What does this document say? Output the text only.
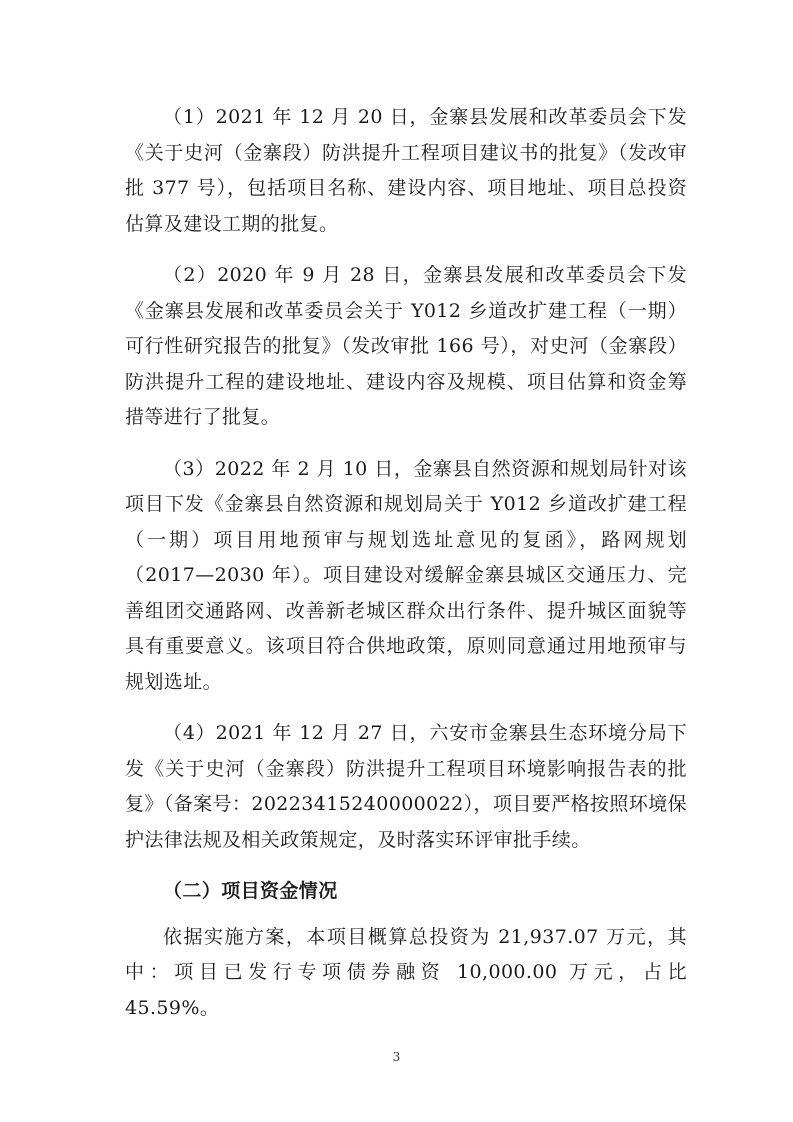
（1）2021 年 12 月 20 日，金寨县发展和改革委员会下发《关于史河（金寨段）防洪提升工程项目建议书的批复》（发改审批 377 号），包括项目名称、建设内容、项目地址、项目总投资估算及建设工期的批复。

（2）2020 年 9 月 28 日，金寨县发展和改革委员会下发《金寨县发展和改革委员会关于 Y012 乡道改扩建工程（一期）可行性研究报告的批复》（发改审批 166 号），对史河（金寨段）防洪提升工程的建设地址、建设内容及规模、项目估算和资金筹措等进行了批复。

（3）2022 年 2 月 10 日，金寨县自然资源和规划局针对该项目下发《金寨县自然资源和规划局关于 Y012 乡道改扩建工程（一期）项目用地预审与规划选址意见的复函》，路网规划（2017—2030 年）。项目建设对缓解金寨县城区交通压力、完善组团交通路网、改善新老城区群众出行条件、提升城区面貌等具有重要意义。该项目符合供地政策，原则同意通过用地预审与规划选址。

（4）2021 年 12 月 27 日，六安市金寨县生态环境分局下发《关于史河（金寨段）防洪提升工程项目环境影响报告表的批复》（备案号：20223415240000022），项目要严格按照环境保护法律法规及相关政策规定，及时落实环评审批手续。

（二）项目资金情况

依据实施方案，本项目概算总投资为 21,937.07 万元，其中：项目已发行专项债券融资 10,000.00 万元，占比 45.59%。

3
